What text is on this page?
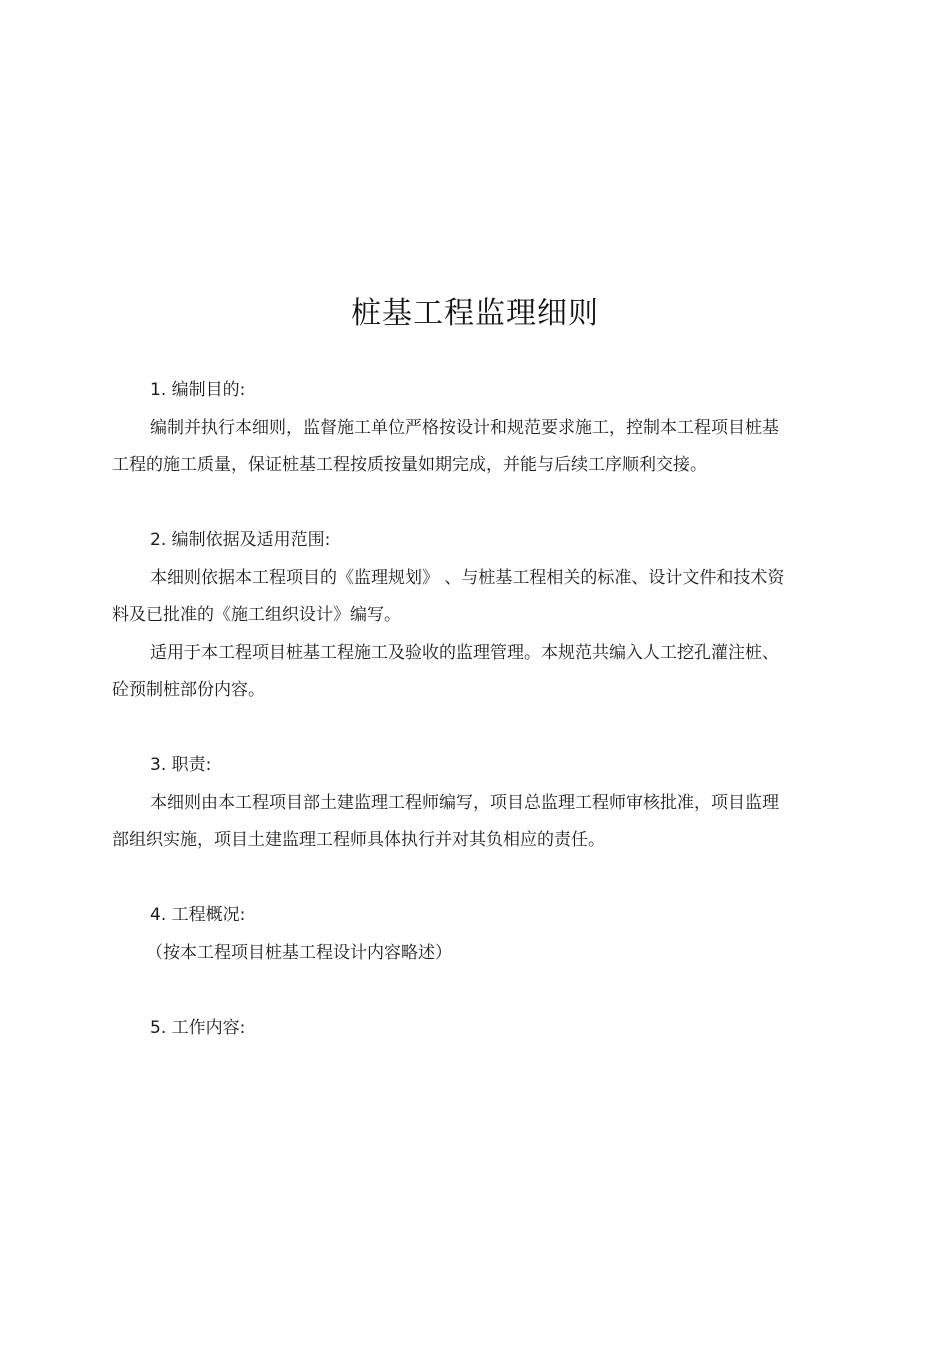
桩基工程监理细则
1. 编制目的:
编制并执行本细则，监督施工单位严格按设计和规范要求施工，控制本工程项目桩基
工程的施工质量，保证桩基工程按质按量如期完成，并能与后续工序顺利交接。
2. 编制依据及适用范围:
本细则依据本工程项目的《监理规划》 、与桩基工程相关的标准、设计文件和技术资
料及已批准的《施工组织设计》编写。
适用于本工程项目桩基工程施工及验收的监理管理。本规范共编入人工挖孔灌注桩、
砼预制桩部份内容。
3. 职责:
本细则由本工程项目部土建监理工程师编写，项目总监理工程师审核批准，项目监理
部组织实施，项目土建监理工程师具体执行并对其负相应的责任。
4. 工程概况:
（按本工程项目桩基工程设计内容略述）
5. 工作内容:
